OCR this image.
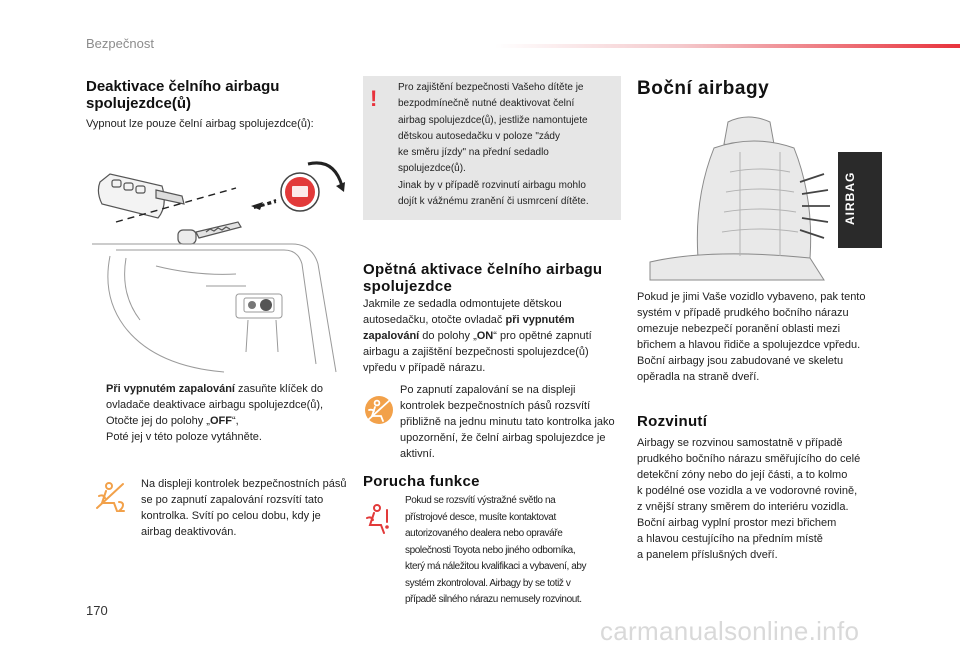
Bezpečnost
Deaktivace čelního airbagu
spolujezdce(ů)
Vypnout lze pouze čelní airbag spolujezdce(ů):
Při vypnutém zapalování zasuňte klíček do ovladače deaktivace airbagu spolujezdce(ů),
Otočte jej do polohy „OFF“,
Poté jej v této poloze vytáhněte.
Na displeji kontrolek bezpečnostních pásů se po zapnutí zapalování rozsvítí tato kontrolka. Svítí po celou dobu, kdy je airbag deaktivován.
!	Pro zajištění bezpečnosti Vašeho dítěte je
bezpodmínečně nutné deaktivovat čelní
airbag spolujezdce(ů), jestliže namontujete
dětskou autosedačku v poloze "zády
ke směru jízdy" na přední sedadlo
spolujezdce(ů).
Jinak by v případě rozvinutí airbagu mohlo
dojít k vážnému zranění či usmrcení dítěte.
Opětná aktivace čelního airbagu
spolujezdce
Jakmile ze sedadla odmontujete dětskou autosedačku, otočte ovladač při vypnutém zapalování do polohy „ON“ pro opětné zapnutí airbagu a zajištění bezpečnosti spolujezdce(ů) vpředu v případě nárazu.
Po zapnutí zapalování se na displeji kontrolek bezpečnostních pásů rozsvítí přibližně na jednu minutu tato kontrolka jako upozornění, že čelní airbag spolujezdce je aktivní.
Porucha funkce
Pokud se rozsvítí výstražné světlo na
přístrojové desce, musíte kontaktovat
autorizovaného dealera nebo opraváře
společnosti Toyota nebo jiného odborníka,
který má náležitou kvalifikaci a vybavení, aby
systém zkontroloval. Airbagy by se totiž v
případě silného nárazu nemusely rozvinout.
Boční airbagy
AIRBAG
Pokud je jimi Vaše vozidlo vybaveno, pak tento
systém v případě prudkého bočního nárazu
omezuje nebezpečí poranění oblasti mezi
břichem a hlavou řidiče a spolujezdce vpředu.
Boční airbagy jsou zabudované ve skeletu
opěradla na straně dveří.
Rozvinutí
Airbagy se rozvinou samostatně v případě
prudkého bočního nárazu směřujícího do celé
detekční zóny nebo do její části, a to kolmo
k podélné ose vozidla a ve vodorovné rovině,
z vnější strany směrem do interiéru vozidla.
Boční airbag vyplní prostor mezi břichem
a hlavou cestujícího na předním místě
a panelem příslušných dveří.
170
carmanualsonline.info
